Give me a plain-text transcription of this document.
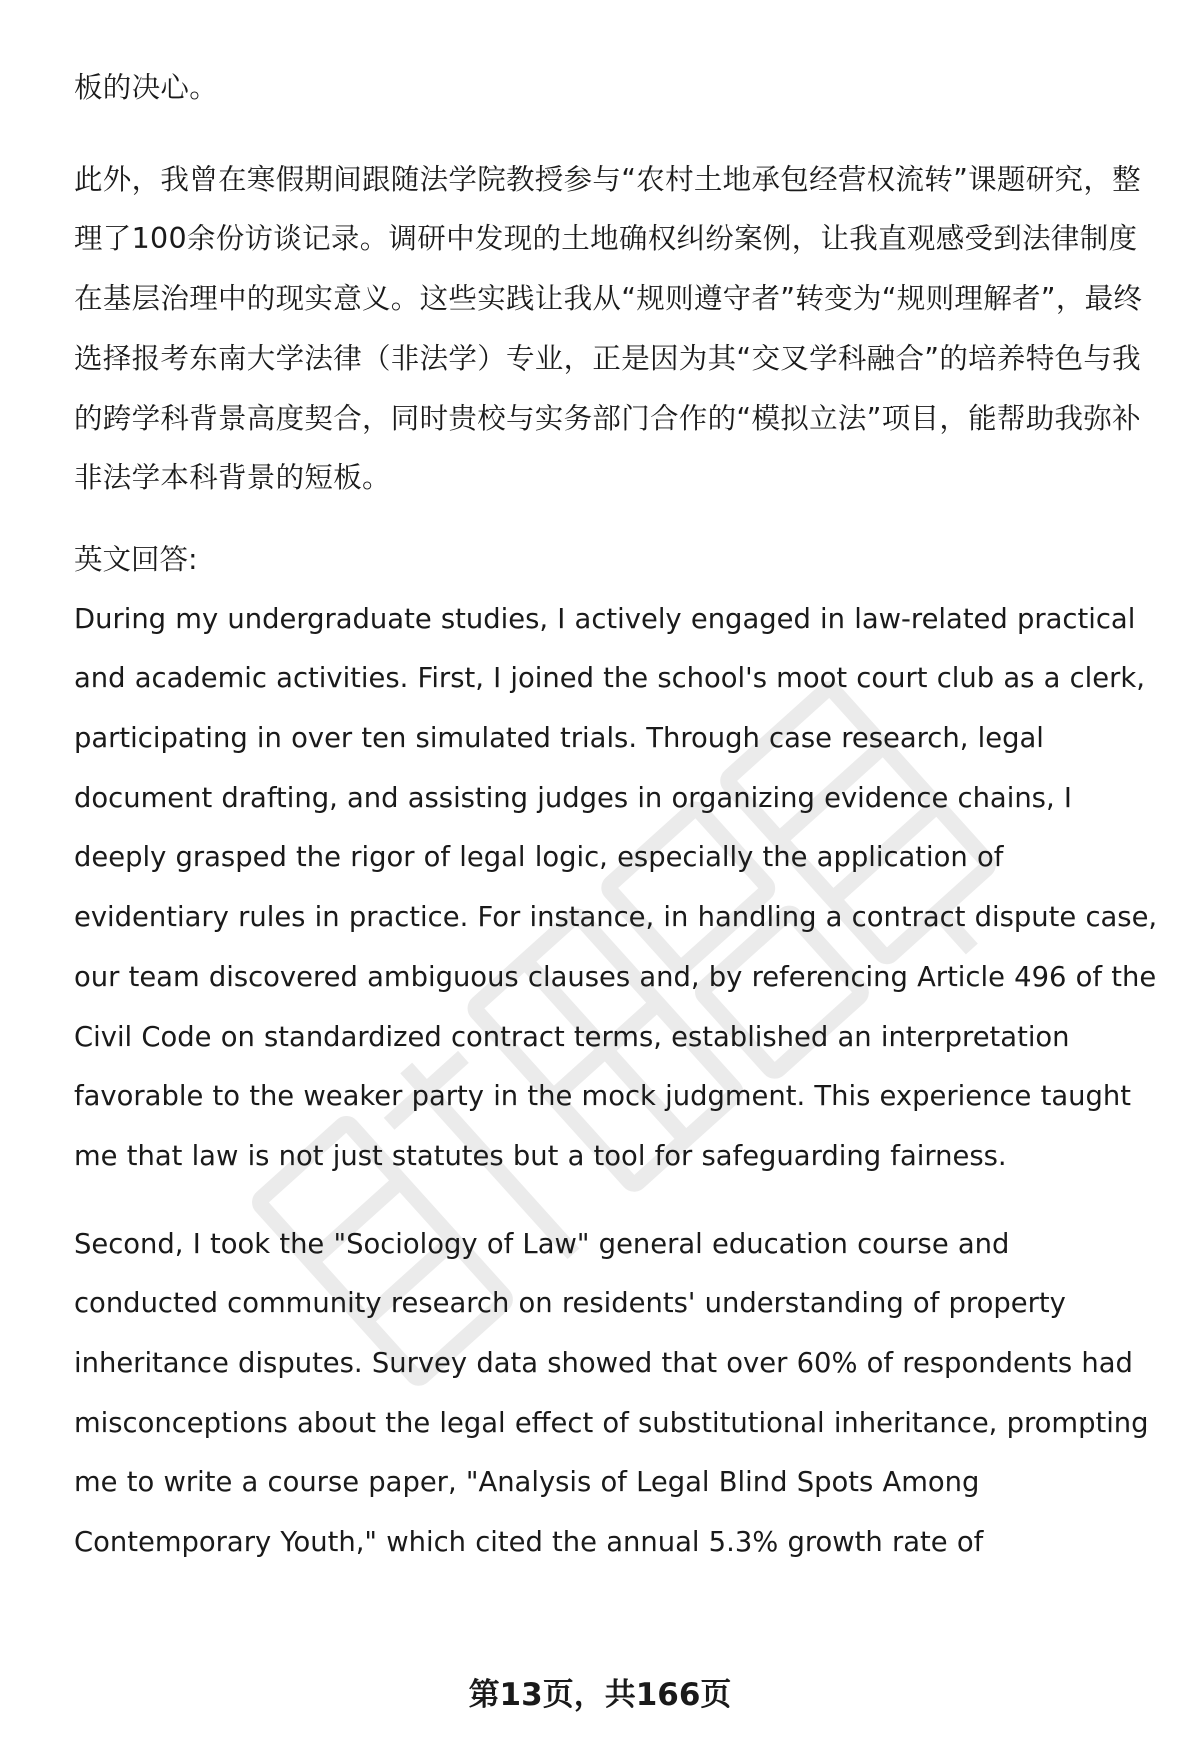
板的决心。

此外，我曾在寒假期间跟随法学院教授参与“农村土地承包经营权流转”课题研究，整理了100余份访谈记录。调研中发现的土地确权纠纷案例，让我直观感受到法律制度在基层治理中的现实意义。这些实践让我从“规则遵守者”转变为“规则理解者”，最终选择报考东南大学法律（非法学）专业，正是因为其“交叉学科融合”的培养特色与我的跨学科背景高度契合，同时贵校与实务部门合作的“模拟立法”项目，能帮助我弥补非法学本科背景的短板。

英文回答:

During my undergraduate studies, I actively engaged in law-related practical and academic activities. First, I joined the school's moot court club as a clerk, participating in over ten simulated trials. Through case research, legal document drafting, and assisting judges in organizing evidence chains, I deeply grasped the rigor of legal logic, especially the application of evidentiary rules in practice. For instance, in handling a contract dispute case, our team discovered ambiguous clauses and, by referencing Article 496 of the Civil Code on standardized contract terms, established an interpretation favorable to the weaker party in the mock judgment. This experience taught me that law is not just statutes but a tool for safeguarding fairness.

Second, I took the "Sociology of Law" general education course and conducted community research on residents' understanding of property inheritance disputes. Survey data showed that over 60% of respondents had misconceptions about the legal effect of substitutional inheritance, prompting me to write a course paper, "Analysis of Legal Blind Spots Among Contemporary Youth," which cited the annual 5.3% growth rate of

第13页，共166页
